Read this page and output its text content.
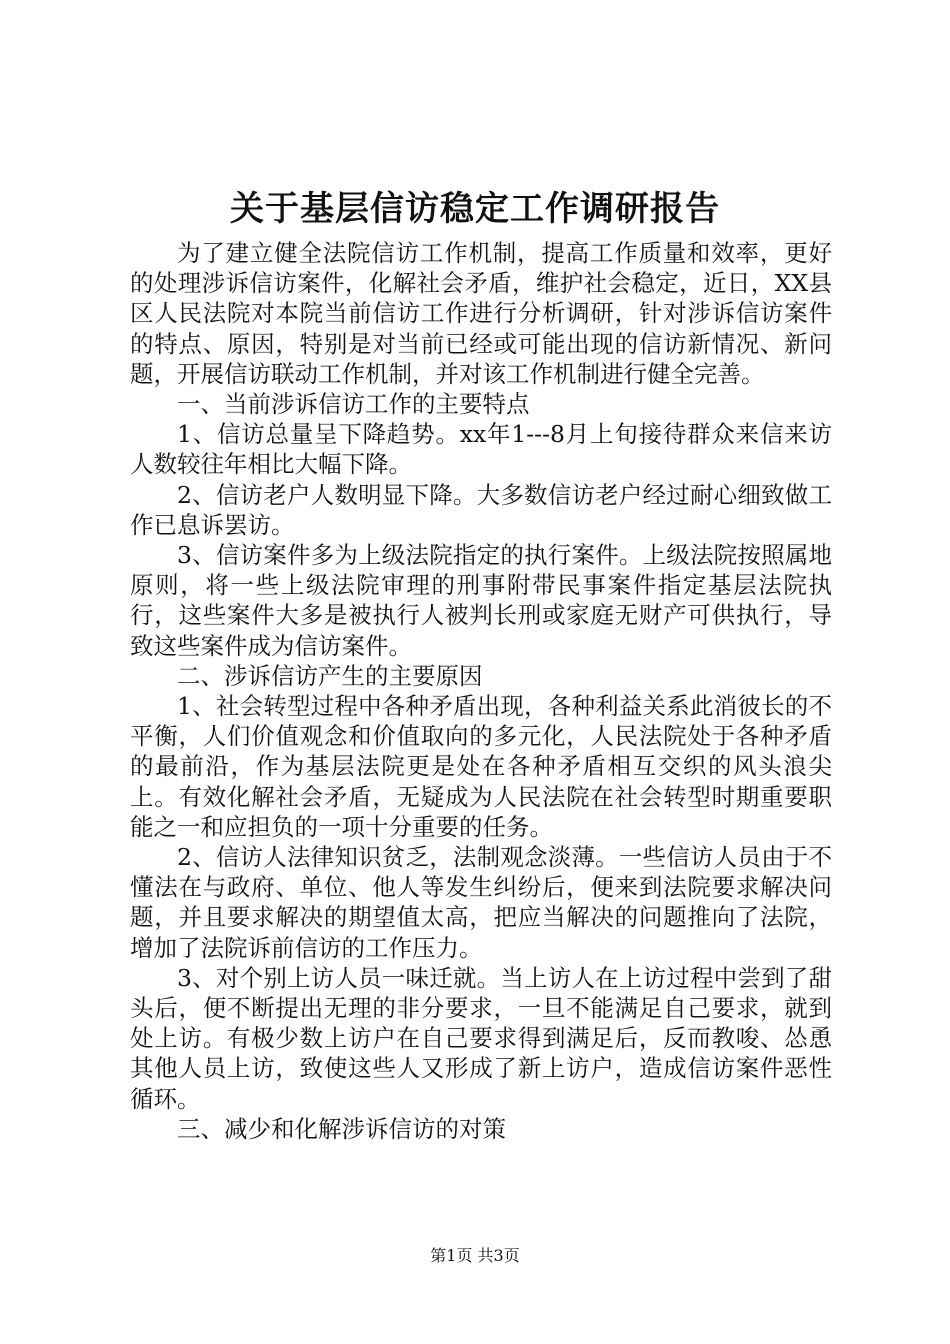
关于基层信访稳定工作调研报告

为了建立健全法院信访工作机制，提高工作质量和效率，更好的处理涉诉信访案件，化解社会矛盾，维护社会稳定，近日，XX县区人民法院对本院当前信访工作进行分析调研，针对涉诉信访案件的特点、原因，特别是对当前已经或可能出现的信访新情况、新问题，开展信访联动工作机制，并对该工作机制进行健全完善。

一、当前涉诉信访工作的主要特点

1、信访总量呈下降趋势。xx年1---8月上旬接待群众来信来访人数较往年相比大幅下降。

2、信访老户人数明显下降。大多数信访老户经过耐心细致做工作已息诉罢访。

3、信访案件多为上级法院指定的执行案件。上级法院按照属地原则，将一些上级法院审理的刑事附带民事案件指定基层法院执行，这些案件大多是被执行人被判长刑或家庭无财产可供执行，导致这些案件成为信访案件。

二、涉诉信访产生的主要原因

1、社会转型过程中各种矛盾出现，各种利益关系此消彼长的不平衡，人们价值观念和价值取向的多元化，人民法院处于各种矛盾的最前沿，作为基层法院更是处在各种矛盾相互交织的风头浪尖上。有效化解社会矛盾，无疑成为人民法院在社会转型时期重要职能之一和应担负的一项十分重要的任务。

2、信访人法律知识贫乏，法制观念淡薄。一些信访人员由于不懂法在与政府、单位、他人等发生纠纷后，便来到法院要求解决问题，并且要求解决的期望值太高，把应当解决的问题推向了法院，增加了法院诉前信访的工作压力。

3、对个别上访人员一味迁就。当上访人在上访过程中尝到了甜头后，便不断提出无理的非分要求，一旦不能满足自己要求，就到处上访。有极少数上访户在自己要求得到满足后，反而教唆、怂恿其他人员上访，致使这些人又形成了新上访户，造成信访案件恶性循环。

三、减少和化解涉诉信访的对策

第1页 共3页
